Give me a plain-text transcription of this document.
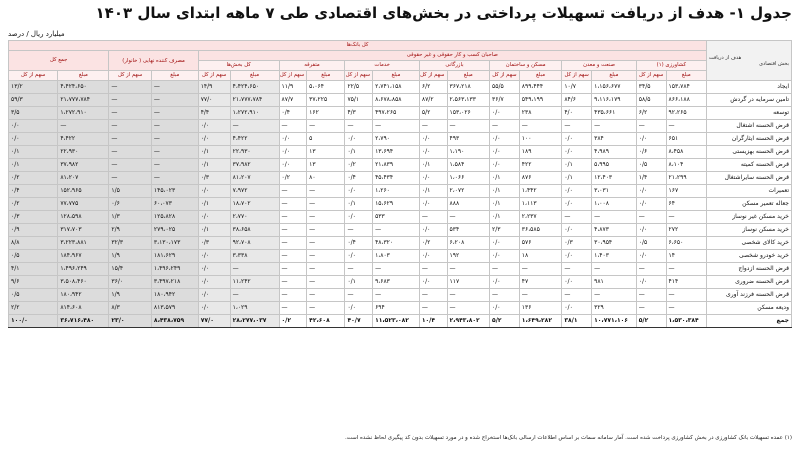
جدول ۱- هدف از دریافت تسهیلات پرداختی در بخش‌های اقتصادی طی ۷ ماهه ابتدای سال ۱۴۰۳
میلیارد ریال / درصد
هدف از دریافت
بخش اقتصادی	کل بانک‌ها																	
	صاحبان کسب و کار حقوقی و غیر حقوقی														مصرف کننده نهایی ( خانوار)		جمع کل	
	کشاورزی (۱)		صنعت و معدن		مسکن و ساختمان		بازرگانی		خدمات		متفرقه		کل بخش‌ها					
	مبلغ	سهم از کل	مبلغ	سهم از کل	مبلغ	سهم از کل	مبلغ	سهم از کل	مبلغ	سهم از کل	مبلغ	سهم از کل	مبلغ	سهم از کل	مبلغ	سهم از کل	مبلغ	سهم از کل
ایجاد	۱۵۳،۷۸۴	۳۴/۵	۱،۱۵۶،۶۷۷	۱۰/۷	۸۹۹،۴۴۴	۵۵/۵	۳۶۷،۲۱۸	۶/۲	۲،۷۴۱،۱۵۸	۲۲/۵	۵،۰۶۴	۱۱/۹	۴،۴۲۴،۶۵۰	۱۴/۹	—	—	۴،۴۲۴،۶۵۰	۱۳/۲
تامین سرمایه در گردش	۸۶۶،۱۸۸	۵۸/۵	۹،۱۱۶،۱۷۹	۸۴/۶	۵۴۹،۱۹۹	۳۶/۷	۲،۵۶۳،۱۳۳	۸۷/۲	۸،۶۷۸،۸۵۸	۷۵/۱	۳۷،۲۲۵	۸۷/۷	۲۱،۷۷۷،۷۸۴	۷۷/۰	—	—	۲۱،۷۷۷،۷۸۴	۵۹/۳
توسعه	۹۲،۲۶۵	۶/۲	۴۳۵،۶۶۱	۴/۰	۲۳۸	۰/۰	۱۵۳،۰۲۶	۵/۲	۴۹۷،۲۶۵	۴/۳	۱۶۲	۰/۴	۱،۲۷۲،۹۱۰	۴/۴	—	—	۱،۲۷۲،۹۱۰	۳/۵
قرض الحسنه اشتغال	—	—	—	—	—	—	—	—	—	—	—	—	—	۰/۰	—	—	—	۰/۰
قرض الحسنه ایثارگران	۶۵۱	۰/۰	۳۸۴	۰/۰	۱۰۰	۰/۰	۴۹۳	۰/۰	۲،۷۹۰	۰/۰	۵	۰/۰	۴،۴۲۲	۰/۰	—	—	۴،۴۲۲	۰/۰
قرض الحسنه بهزیستی	۸،۴۵۸	۰/۶	۴،۹۸۹	۰/۰	۱۸۹	۰/۰	۱،۱۹۰	۰/۰	۱۳،۶۹۴	۰/۱	۱۳	۰/۰	۲۲،۹۳۰	۰/۱	—	—	۲۲،۹۳۰	۰/۱
قرض الحسنه کمیته	۸،۱۰۴	۰/۵	۵،۹۹۵	۰/۱	۴۲۲	۰/۰	۱،۵۸۴	۰/۱	۲۱،۸۳۹	۰/۲	۱۳	۰/۰	۳۷،۹۸۲	۰/۱	—	—	۳۷،۹۸۲	۰/۱
قرض الحسنه سایراشتغال	۲۱،۲۹۹	۱/۴	۱۲،۴۰۳	۰/۱	۸۷۶	۰/۱	۱،۰۶۶	۰/۰	۴۵،۴۳۴	۰/۴	۸۰	۰/۲	۸۱،۲۰۷	۰/۳	—	—	۸۱،۲۰۷	۰/۲
تعمیرات	۱۶۷	۰/۰	۳،۰۳۱	۰/۰	۱،۴۴۲	۰/۱	۲،۰۷۲	۰/۱	۱،۲۶۰	۰/۰	—	—	۷،۹۷۲	۰/۰	۱۴۵،۰۲۳	۱/۵	۱۵۲،۹۶۵	۰/۴
جعاله تعمیر مسکن	۶۴	۰/۰	۱،۰۰۸	۰/۰	۱،۱۱۳	۰/۱	۸۸۸	۰/۰	۱۵،۶۲۹	۰/۱	—	—	۱۸،۷۰۲	۰/۱	۶۰،۰۷۳	۰/۶	۷۷،۷۷۵	۰/۲
خرید مسکن غیر نوساز	—	—	—	—	۲،۲۳۷	۰/۱	—	—	۵۳۳	۰/۰	—	—	۲،۷۷۰	۰/۰	۱۲۵،۸۲۸	۱/۳	۱۲۸،۵۹۸	۰/۳
خرید مسکن نوساز	۲۷۲	۰/۰	۴،۸۷۳	۰/۰	۳۶،۵۸۵	۲/۳	۵۳۴	۰/۰	—	—	—	—	۳۸،۶۵۸	۰/۱	۲۷۹،۰۲۵	۲/۹	۳۱۷،۷۰۳	۰/۹
خرید کالای شخصی	۶،۶۵۰	۰/۵	۳۰،۹۵۴	۰/۳	۵۷۶	۰/۰	۶،۲۰۸	۰/۲	۴۸،۳۲۰	۰/۴	—	—	۹۲،۷۰۸	۰/۳	۳،۱۳۰،۱۷۳	۳۲/۳	۳،۲۲۳،۸۸۱	۸/۸
خرید خودرو شخصی	۱۴	۰/۰	۱،۴۰۳	۰/۰	۱۸	۰/۰	۱۹۲	۰/۰	۱،۸۰۳	۰/۰	—	—	۳،۳۳۸	۰/۰	۱۸۱،۶۲۹	۱/۹	۱۸۴،۹۶۷	۰/۵
قرض الحسنه ازدواج	—	—	—	—	—	—	—	—	—	—	—	—	—	۰/۰	۱،۴۹۶،۲۴۹	۱۵/۴	۱،۴۹۶،۲۴۹	۴/۱
قرض الحسنه ضروری	۴۱۴	۰/۰	۹۸۱	۰/۰	۴۷	۰/۰	۱۱۷	۰/۰	۹،۶۸۳	۰/۱	—	—	۱۱،۲۴۲	۰/۰	۳،۴۹۷،۲۱۸	۳۶/۰	۳،۵۰۸،۴۶۰	۹/۶
قرض الحسنه فرزند آوری	—	—	—	—	—	—	—	—	—	—	—	—	—	۰/۰	۱۸۰،۹۴۲	۱/۹	۱۸۰،۹۴۲	۰/۵
ودیعه مسکن	—	—	۳۲۹	۰/۰	۱۳۶	۰/۰	—	—	۶۹۴	۰/۰	—	—	۱،۰۲۹	۰/۰	۸۱۳،۵۷۹	۸/۳	۸۱۴،۶۰۸	۲/۲
جمع	۱،۵۳۰،۳۸۴	۵/۲	۱۰،۷۷۱،۱۰۶	۳۸/۱	۱،۶۴۹،۲۸۲	۵/۲	۲،۹۴۳،۸۰۲	۱۰/۴	۱۱،۵۲۳،۰۸۲	۴۰/۷	۴۲،۶۰۸	۰/۲	۲۸،۲۷۷،۰۳۷	۷۷/۰	۸،۴۳۸،۷۵۹	۲۳/۰	۳۶،۷۱۶،۴۸۰	۱۰۰/۰
(۱) عمده تسهیلات بانک کشاورزی در بخش کشاورزی پرداخت شده است. آمار سامانه سمات بر اساس اطلاعات ارسالی بانک‌ها استخراج شده و در مورد تسهیلات بدون کد پیگیری لحاظ نشده است.
